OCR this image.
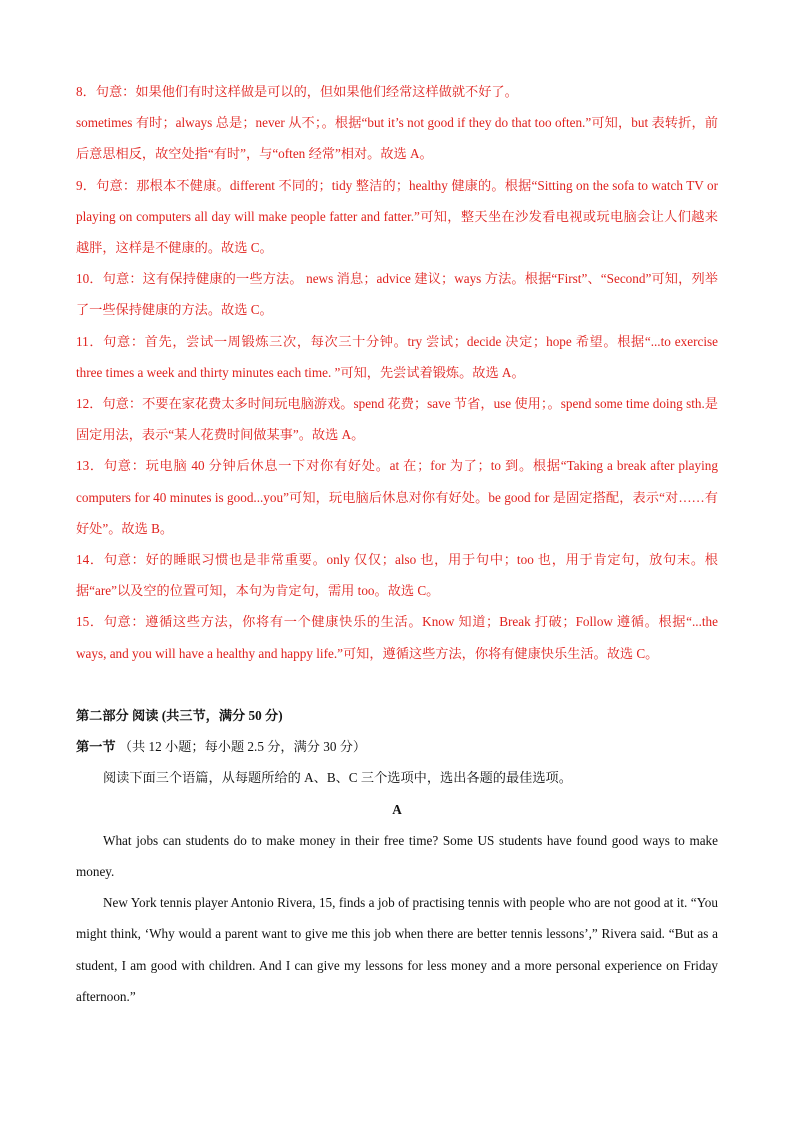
8．句意：如果他们有时这样做是可以的，但如果他们经常这样做就不好了。

sometimes 有时；always 总是；never 从不；。根据“but it’s not good if they do that too often.”可知，but 表转折，前后意思相反，故空处指“有时”，与“often 经常”相对。故选 A。

9．句意：那根本不健康。different 不同的；tidy 整洁的；healthy 健康的。根据“Sitting on the sofa to watch TV or playing on computers all day will make people fatter and fatter.”可知，整天坐在沙发看电视或玩电脑会让人们越来越胖，这样是不健康的。故选 C。

10．句意：这有保持健康的一些方法。 news 消息；advice 建议；ways 方法。根据“First”、“Second”可知，列举了一些保持健康的方法。故选 C。

11．句意：首先，尝试一周锻炼三次，每次三十分钟。try 尝试；decide 决定；hope 希望。根据“...to exercise three times a week and thirty minutes each time. ”可知，先尝试着锻炼。故选 A。

12．句意：不要在家花费太多时间玩电脑游戏。spend 花费；save 节省，use 使用；。spend some time doing sth.是固定用法，表示“某人花费时间做某事”。故选 A。

13．句意：玩电脑 40 分钟后休息一下对你有好处。at 在；for 为了；to 到。根据“Taking a break after playing computers for 40 minutes is good...you”可知，玩电脑后休息对你有好处。be good for 是固定搭配，表示“对……有好处”。故选 B。

14．句意：好的睡眠习惯也是非常重要。only 仅仅；also 也，用于句中；too 也，用于肯定句，放句末。根据“are”以及空的位置可知，本句为肯定句，需用 too。故选 C。

15．句意：遵循这些方法，你将有一个健康快乐的生活。Know 知道；Break 打破；Follow 遵循。根据“...the ways, and you will have a healthy and happy life.”可知，遵循这些方法，你将有健康快乐生活。故选 C。

第二部分 阅读 (共三节，满分 50 分)

第一节 （共 12 小题；每小题 2.5 分，满分 30 分）

阅读下面三个语篇，从每题所给的 A、B、C 三个选项中，选出各题的最佳选项。

A

What jobs can students do to make money in their free time? Some US students have found good ways to make money.

New York tennis player Antonio Rivera, 15, finds a job of practising tennis with people who are not good at it. “You might think, ‘Why would a parent want to give me this job when there are better tennis lessons’,” Rivera said. “But as a student, I am good with children. And I can give my lessons for less money and a more personal experience on Friday afternoon.”
